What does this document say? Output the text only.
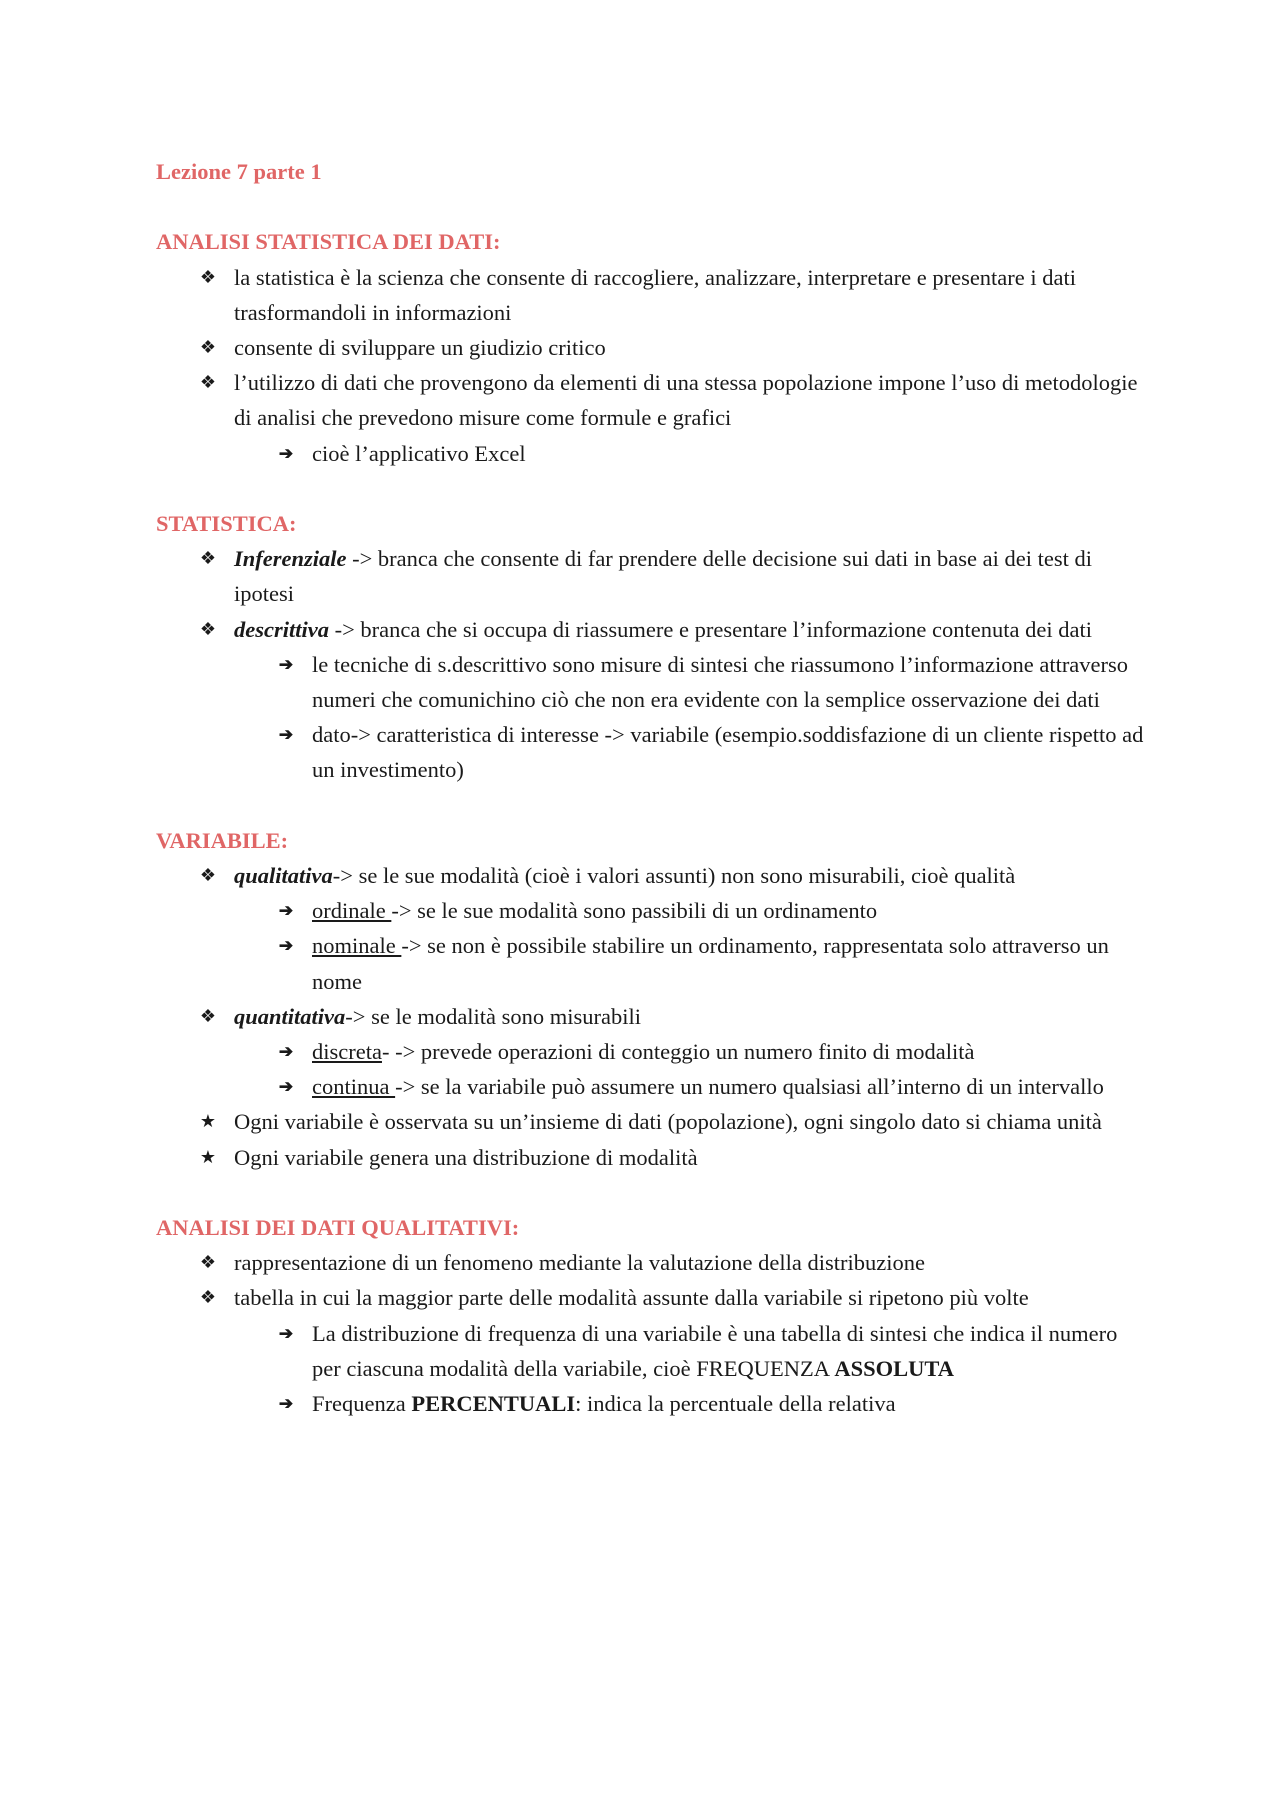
Lezione 7 parte 1
ANALISI STATISTICA DEI DATI:
❖ la statistica è la scienza che consente di raccogliere, analizzare, interpretare e presentare i dati trasformandoli in informazioni
❖ consente di sviluppare un giudizio critico
❖ l’utilizzo di dati che provengono da elementi di una stessa popolazione impone l’uso di metodologie di analisi che prevedono misure come formule e grafici
➔ cioè l’applicativo Excel
STATISTICA:
❖ Inferenziale -> branca che consente di far prendere delle decisione sui dati in base ai dei test di ipotesi
❖ descrittiva -> branca che si occupa di riassumere e presentare l’informazione contenuta dei dati
➔ le tecniche di s.descrittivo sono misure di sintesi che riassumono l’informazione attraverso numeri che comunichino ciò che non era evidente con la semplice osservazione dei dati
➔ dato-> caratteristica di interesse -> variabile (esempio.soddisfazione di un cliente rispetto ad un investimento)
VARIABILE:
❖ qualitativa-> se le sue modalità (cioè i valori assunti) non sono misurabili, cioè qualità
➔ ordinale -> se le sue modalità sono passibili di un ordinamento
➔ nominale -> se non è possibile stabilire un ordinamento, rappresentata solo attraverso un nome
❖ quantitativa-> se le modalità sono misurabili
➔ discreta- -> prevede operazioni di conteggio un numero finito di modalità
➔ continua -> se la variabile può assumere un numero qualsiasi all’interno di un intervallo
★ Ogni variabile è osservata su un’insieme di dati (popolazione), ogni singolo dato si chiama unità
★ Ogni variabile genera una distribuzione di modalità
ANALISI DEI DATI QUALITATIVI:
❖ rappresentazione di un fenomeno mediante la valutazione della distribuzione
❖ tabella in cui la maggior parte delle modalità assunte dalla variabile si ripetono più volte
➔ La distribuzione di frequenza di una variabile è una tabella di sintesi che indica il numero per ciascuna modalità della variabile, cioè FREQUENZA ASSOLUTA
➔ Frequenza PERCENTUALI: indica la percentuale della relativa
